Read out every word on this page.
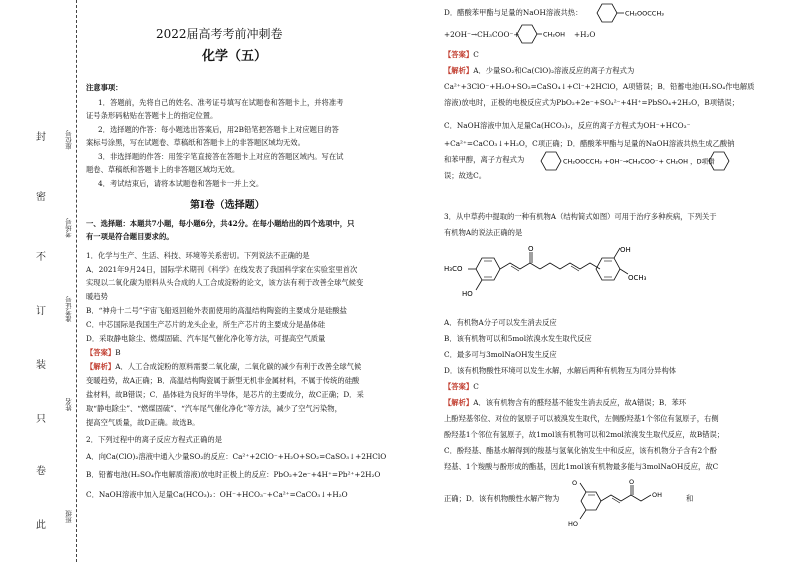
封
密
不
订
装
只
卷
此
座位号
考场号
准考证号
姓名
班级
2022届高考考前冲刺卷
化学（五）
注意事项：
1．答题前，先将自己的姓名、准考证号填写在试题卷和答题卡上，并将准考
证号条形码粘贴在答题卡上的指定位置。
2．选择题的作答：每小题选出答案后，用2B铅笔把答题卡上对应题目的答
案标号涂黑，写在试题卷、草稿纸和答题卡上的非答题区域均无效。
3．非选择题的作答：用签字笔直接答在答题卡上对应的答题区域内。写在试
题卷、草稿纸和答题卡上的非答题区域均无效。
4．考试结束后，请将本试题卷和答题卡一并上交。
第Ⅰ卷（选择题）
一、选择题：本题共7小题，每小题6分，共42分。在每小题给出的四个选项中，只
有一项是符合题目要求的。
1．化学与生产、生活、科技、环境等关系密切。下列说法不正确的是
A．2021年9月24日，国际学术期刊《科学》在线发表了我国科学家在实验室里首次
实现以二氧化碳为原料从头合成的人工合成淀粉的论文，该方法有利于改善全球气候变
暖趋势
B．“神舟十二号”宇宙飞船返回舱外表面使用的高温结构陶瓷的主要成分是硅酸盐
C．中芯国际是我国生产芯片的龙头企业，所生产芯片的主要成分是晶体硅
D．采取静电除尘、燃煤固硫、汽车尾气催化净化等方法，可提高空气质量
【答案】B
【解析】A．人工合成淀粉的原料需要二氧化碳，二氧化碳的减少有利于改善全球气候
变暖趋势，故A正确；B．高温结构陶瓷属于新型无机非金属材料，不属于传统的硅酸
盐材料，故B错误；C．晶体硅为良好的半导体，是芯片的主要成分，故C正确；D．采
取“静电除尘”、“燃煤固硫”、“汽车尾气催化净化”等方法，减少了空气污染物，
提高空气质量，故D正确。故选B。
2．下列过程中的离子反应方程式正确的是
A．向Ca(ClO)₂溶液中通入少量SO₂的反应：Ca²⁺+2ClO⁻+H₂O+SO₂=CaSO₃↓+2HClO
B．铅蓄电池(H₂SO₄作电解质溶液)放电时正极上的反应：PbO₂+2e⁻+4H⁺=Pb²⁺+2H₂O
C．NaOH溶液中加入足量Ca(HCO₃)₂：OH⁻+HCO₃⁻+Ca²⁺=CaCO₃↓+H₂O
D．醋酸苯甲酯与足量的NaOH溶液共热：	CH₂OOCCH₃
+2OH⁻→CH₃COO⁻+	CH₂OH +H₂O
【答案】C
【解析】A．少量SO₂和Ca(ClO)₂溶液反应的离子方程式为
Ca²⁺+3ClO⁻+H₂O+SO₂=CaSO₄↓+Cl⁻+2HClO，A项错误；B．铅蓄电池(H₂SO₄作电解质
溶液)放电时，正极的电极反应式为PbO₂+2e⁻+SO₄²⁻+4H⁺=PbSO₄+2H₂O，B项错误；
C．NaOH溶液中加入足量Ca(HCO₃)₂，反应的离子方程式为OH⁻+HCO₃⁻
+Ca²⁺=CaCO₃↓+H₂O，C项正确；D．醋酸苯甲酯与足量的NaOH溶液共热生成乙酸钠
和苯甲醇，离子方程式为	CH₂OOCCH₃ +OH⁻→CH₃COO⁻+ CH₂OH ，D项错
误；故选C。
3．从中草药中提取的一种有机物A（结构简式如图）可用于治疗多种疾病，下列关于
有机物A的说法正确的是
H₃CO
HO
O	OH
OCH₃
A．有机物A分子可以发生消去反应
B．该有机物可以和5mol浓溴水发生取代反应
C．最多可与3molNaOH发生反应
D．该有机物酸性环境可以发生水解，水解后两种有机物互为同分异构体
【答案】C
【解析】A．该有机物含有的醛羟基不能发生消去反应，故A错误；B．苯环
上酚羟基邻位、对位的氢原子可以被溴发生取代，左侧酚羟基1个邻位有氢原子，右侧
酚羟基1个邻位有氢原子，故1mol该有机物可以和2mol浓溴发生取代反应，故B错误；
C．酚羟基、酯基水解得到的羧基与氢氧化钠发生中和反应，该有机物分子含有2个酚
羟基、1个羧酸与酚形成的酯基，因此1mol该有机物最多能与3molNaOH反应，故C
正确；D．该有机物酸性水解产物为
O
HO
O
OH	和
